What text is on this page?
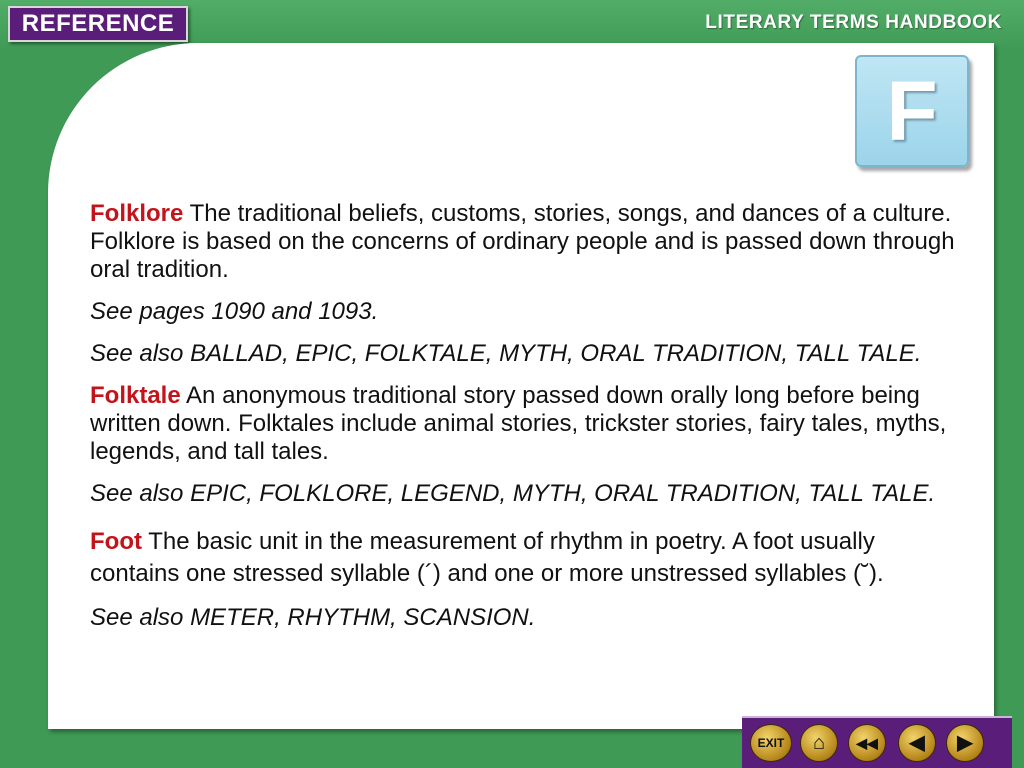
REFERENCE	LITERARY TERMS HANDBOOK
F

Folklore The traditional beliefs, customs, stories, songs, and dances of a culture. Folklore is based on the concerns of ordinary people and is passed down through oral tradition.

See pages 1090 and 1093.

See also BALLAD, EPIC, FOLKTALE, MYTH, ORAL TRADITION, TALL TALE.

Folktale An anonymous traditional story passed down orally long before being written down. Folktales include animal stories, trickster stories, fairy tales, myths, legends, and tall tales.

See also EPIC, FOLKLORE, LEGEND, MYTH, ORAL TRADITION, TALL TALE.

Foot The basic unit in the measurement of rhythm in poetry. A foot usually contains one stressed syllable (´) and one or more unstressed syllables (˘).

See also METER, RHYTHM, SCANSION.

EXIT	⌂	◀◀	◀	▶
